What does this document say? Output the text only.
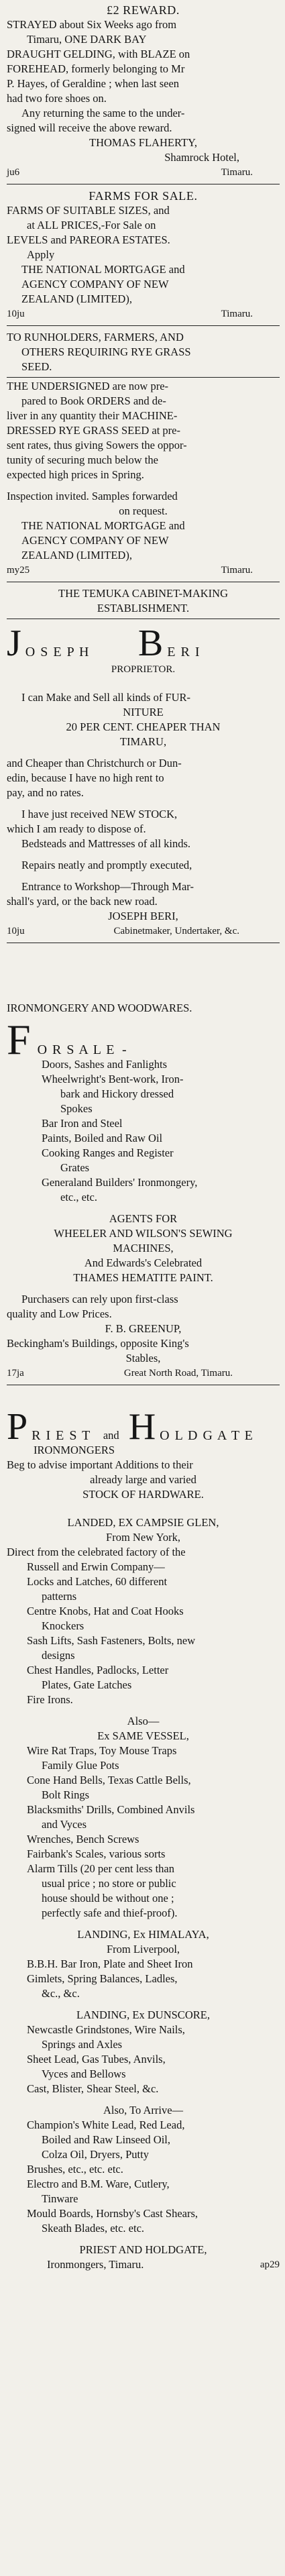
£2 REWARD.
STRAYED about Six Weeks ago from
Timaru, ONE DARK BAY
DRAUGHT GELDING, with BLAZE on
FOREHEAD, formerly belonging to Mr
P. Hayes, of Geraldine ; when last seen
had two fore shoes on.
Any returning the same to the under-
signed will receive the above reward.
THOMAS FLAHERTY,
Shamrock Hotel,
ju6	Timaru.
FARMS FOR SALE.
FARMS OF SUITABLE SIZES, and
at ALL PRICES,-For Sale on
LEVELS and PAREORA ESTATES.
Apply
THE NATIONAL MORTGAGE and
AGENCY COMPANY OF NEW
ZEALAND (LIMITED),
10ju	Timaru.
TO RUNHOLDERS, FARMERS, AND
OTHERS REQUIRING RYE GRASS
SEED.
THE UNDERSIGNED are now pre-
pared to Book ORDERS and de-
liver in any quantity their MACHINE-
DRESSED RYE GRASS SEED at pre-
sent rates, thus giving Sowers the oppor-
tunity of securing much below the
expected high prices in Spring.
Inspection invited. Samples forwarded
on request.
THE NATIONAL MORTGAGE and
AGENCY COMPANY OF NEW
ZEALAND (LIMITED),
my25	Timaru.
THE TEMUKA CABINET-MAKING
ESTABLISHMENT.
J O S E P H B E R I
PROPRIETOR.
I can Make and Sell all kinds of FUR-
NITURE
20 PER CENT. CHEAPER THAN
TIMARU,
and Cheaper than Christchurch or Dun-
edin, because I have no high rent to
pay, and no rates.
I have just received NEW STOCK,
which I am ready to dispose of.
Bedsteads and Mattresses of all kinds.
Repairs neatly and promptly executed,
Entrance to Workshop—Through Mar-
shall's yard, or the back new road.
JOSEPH BERI,
10ju	Cabinetmaker, Undertaker, &c.
IRONMONGERY AND WOODWARES.
F O R S A L E -
Doors, Sashes and Fanlights
Wheelwright's Bent-work, Iron-
bark and Hickory dressed
Spokes
Bar Iron and Steel
Paints, Boiled and Raw Oil
Cooking Ranges and Register
Grates
Generaland Builders' Ironmongery,
etc., etc.
AGENTS FOR
WHEELER AND WILSON'S SEWING
MACHINES,
And Edwards's Celebrated
THAMES HEMATITE PAINT.
Purchasers can rely upon first-class
quality and Low Prices.
F. B. GREENUP,
Beckingham's Buildings, opposite King's
Stables,
17ja	Great North Road, Timaru.
P R I E S T and H O L D G A T E
IRONMONGERS
Beg to advise important Additions to their
already large and varied
STOCK OF HARDWARE.
LANDED, EX CAMPSIE GLEN,
From New York,
Direct from the celebrated factory of the
Russell and Erwin Company—
Locks and Latches, 60 different
patterns
Centre Knobs, Hat and Coat Hooks
Knockers
Sash Lifts, Sash Fasteners, Bolts, new
designs
Chest Handles, Padlocks, Letter
Plates, Gate Latches
Fire Irons.
Also—
Ex SAME VESSEL,
Wire Rat Traps, Toy Mouse Traps
Family Glue Pots
Cone Hand Bells, Texas Cattle Bells,
Bolt Rings
Blacksmiths' Drills, Combined Anvils
and Vyces
Wrenches, Bench Screws
Fairbank's Scales, various sorts
Alarm Tills (20 per cent less than
usual price ; no store or public
house should be without one ;
perfectly safe and thief-proof).
LANDING, Ex HIMALAYA,
From Liverpool,
B.B.H. Bar Iron, Plate and Sheet Iron
Gimlets, Spring Balances, Ladles,
&c., &c.
LANDING, Ex DUNSCORE,
Newcastle Grindstones, Wire Nails,
Springs and Axles
Sheet Lead, Gas Tubes, Anvils,
Vyces and Bellows
Cast, Blister, Shear Steel, &c.
Also, To Arrive—
Champion's White Lead, Red Lead,
Boiled and Raw Linseed Oil,
Colza Oil, Dryers, Putty
Brushes, etc., etc. etc.
Electro and B.M. Ware, Cutlery,
Tinware
Mould Boards, Hornsby's Cast Shears,
Skeath Blades, etc. etc.
PRIEST AND HOLDGATE,
Ironmongers, Timaru.	ap29
